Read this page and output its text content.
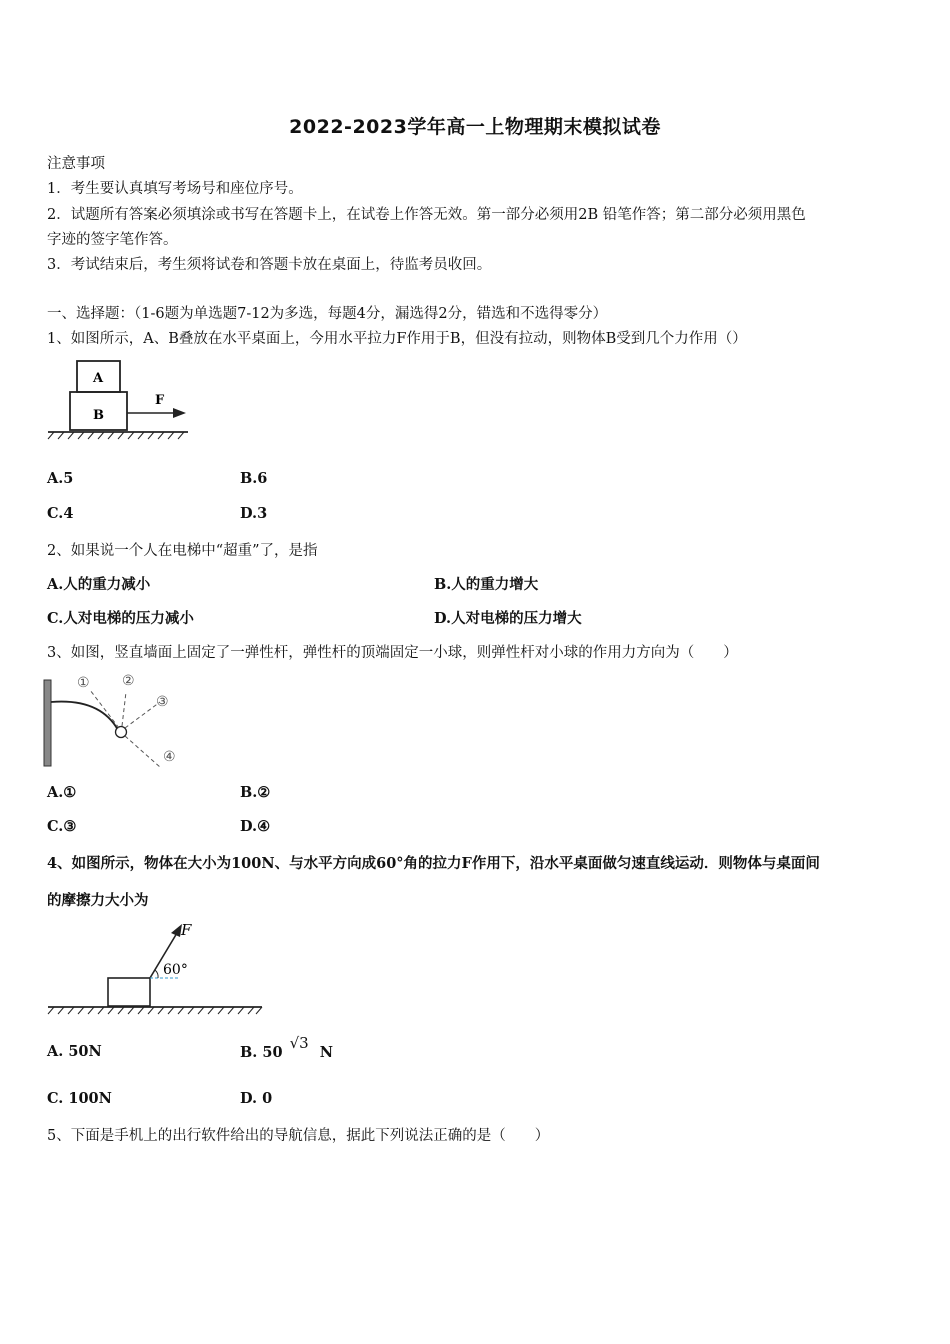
2022-2023学年高一上物理期末模拟试卷
注意事项
1．考生要认真填写考场号和座位序号。
2．试题所有答案必须填涂或书写在答题卡上，在试卷上作答无效。第一部分必须用2B 铅笔作答；第二部分必须用黑色
字迹的签字笔作答。
3．考试结束后，考生须将试卷和答题卡放在桌面上，待监考员收回。
一、选择题：（1-6题为单选题7-12为多选，每题4分，漏选得2分，错选和不选得零分）
1、如图所示，A、B叠放在水平桌面上，今用水平拉力F作用于B，但没有拉动，则物体B受到几个力作用（）
A
B
F
A.5	B.6
C.4	D.3
2、如果说一个人在电梯中“超重”了，是指
A.人的重力减小	B.人的重力增大
C.人对电梯的压力减小	D.人对电梯的压力增大
3、如图，竖直墙面上固定了一弹性杆，弹性杆的顶端固定一小球，则弹性杆对小球的作用力方向为（　　）
① ②
③
④
A.①	B.②
C.③	D.④
4、如图所示，物体在大小为100N、与水平方向成60°角的拉力F作用下，沿水平桌面做匀速直线运动．则物体与桌面间
的摩擦力大小为
F
60°
A. 50N	B. 50 √3 N
C. 100N	D. 0
5、下面是手机上的出行软件给出的导航信息，据此下列说法正确的是（　　）
